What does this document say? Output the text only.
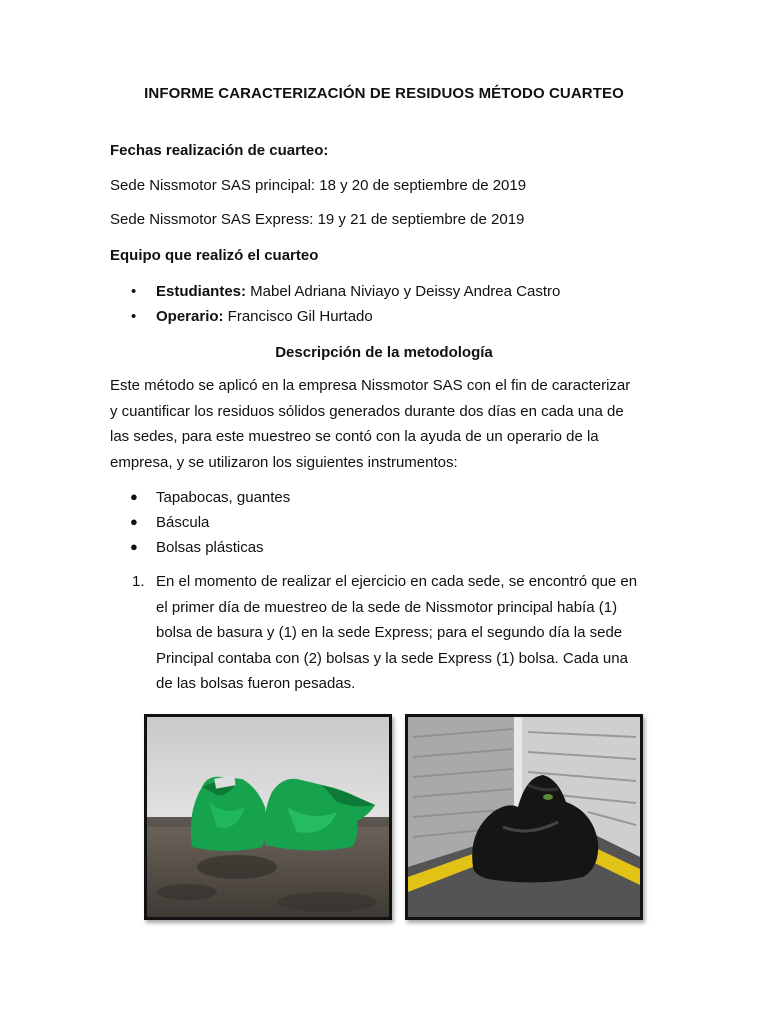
INFORME CARACTERIZACIÓN DE RESIDUOS MÉTODO CUARTEO
Fechas realización de cuarteo:
Sede Nissmotor SAS principal: 18 y 20 de septiembre de 2019
Sede Nissmotor SAS Express: 19 y 21 de septiembre de 2019
Equipo que realizó el cuarteo
• Estudiantes: Mabel Adriana Niviayo y Deissy Andrea Castro
• Operario: Francisco Gil Hurtado
Descripción de la metodología
Este método se aplicó en la empresa Nissmotor SAS con el fin de caracterizar
y cuantificar los residuos sólidos generados durante dos días en cada una de
las sedes, para este muestreo se contó con la ayuda de un operario de la
empresa, y se utilizaron los siguientes instrumentos:
● Tapabocas, guantes
● Báscula
● Bolsas plásticas
1. En el momento de realizar el ejercicio en cada sede, se encontró que en
el primer día de muestreo de la sede de Nissmotor principal había (1)
bolsa de basura y (1) en la sede Express; para el segundo día la sede
Principal contaba con (2) bolsas y la sede Express (1) bolsa. Cada una
de las bolsas fueron pesadas.
